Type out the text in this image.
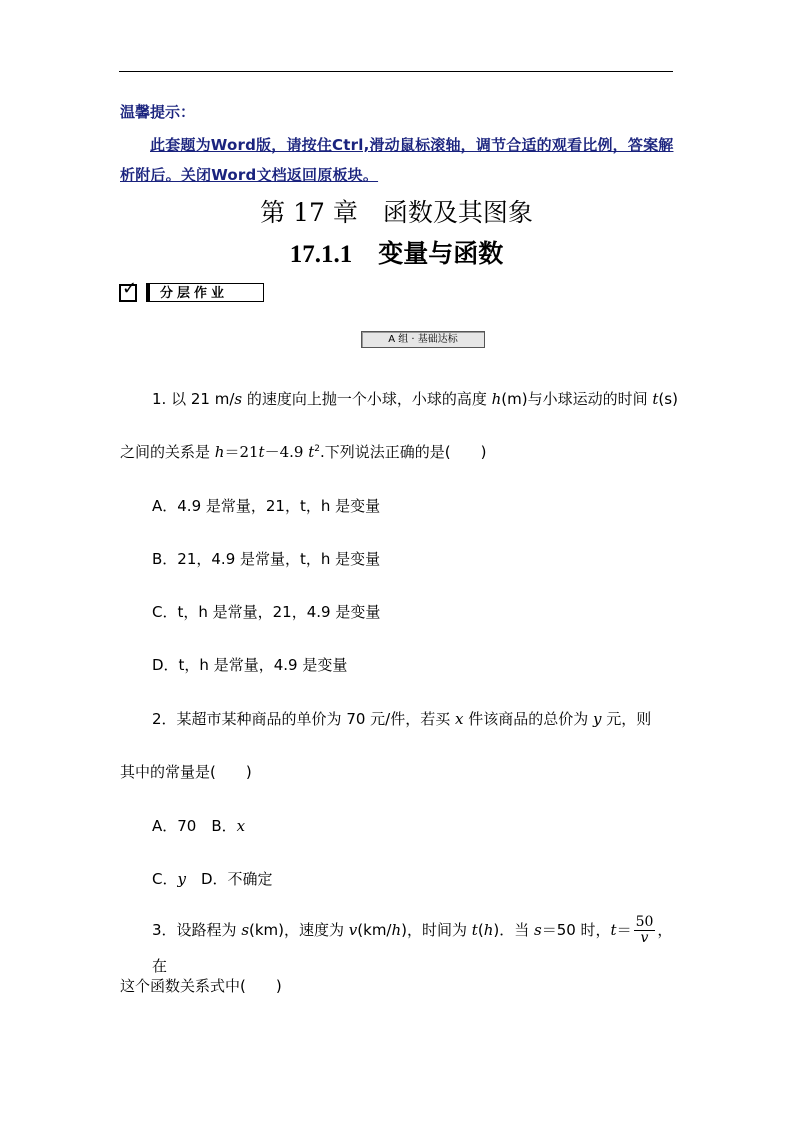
温馨提示：
此套题为Word版，请按住Ctrl,滑动鼠标滚轴，调节合适的观看比例，答案解析附后。关闭Word文档返回原板块。
第 17 章　函数及其图象
17.1.1 变量与函数
✓	分层作业
A 组 · 基础达标
1. 以 21 m/s 的速度向上抛一个小球，小球的高度 h(m)与小球运动的时间 t(s)
之间的关系是 h＝21t－4.9 $t^2$.下列说法正确的是(　　)
A．4.9 是常量，21，t，h 是变量
B．21，4.9 是常量，t，h 是变量
C．t，h 是常量，21，4.9 是变量
D．t，h 是常量，4.9 是变量
2．某超市某种商品的单价为 70 元/件，若买 x 件该商品的总价为 y 元，则
其中的常量是(　　)
A．70　B．x
C．y　D．不确定
3．设路程为 s(km)，速度为 v(km/h)，时间为 t(h)．当 s＝50 时，$t= \frac{50}{v}$ ，在
这个函数关系式中(　　)
